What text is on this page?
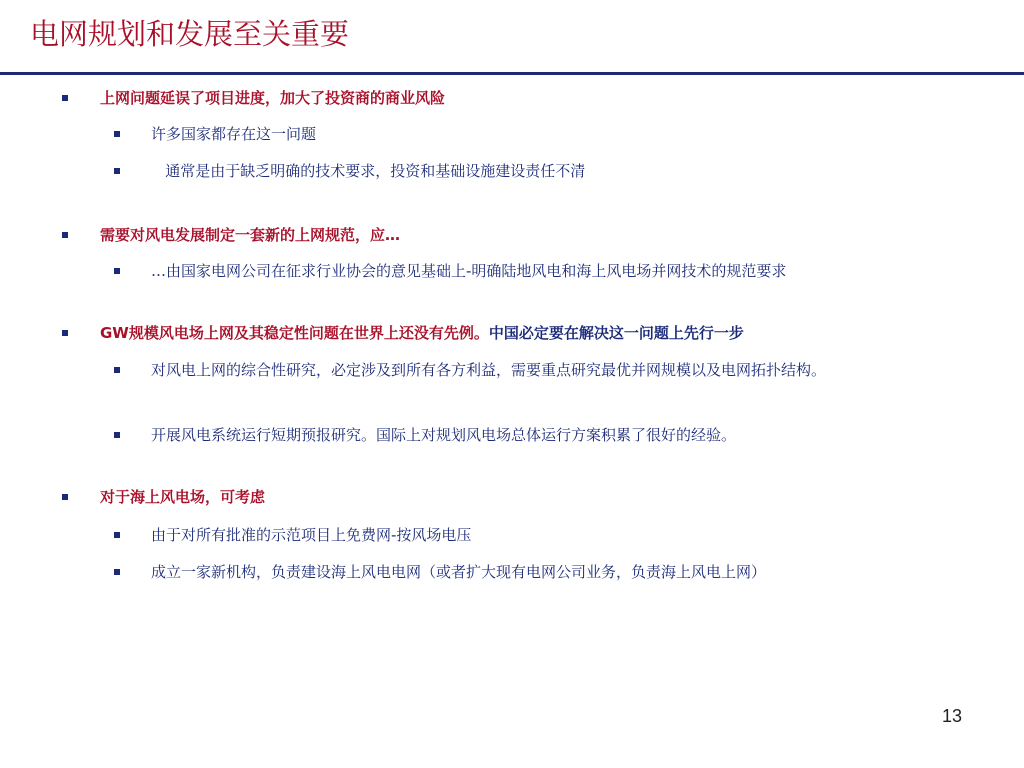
电网规划和发展至关重要
上网问题延误了项目进度，加大了投资商的商业风险
许多国家都存在这一问题
通常是由于缺乏明确的技术要求，投资和基础设施建设责任不清
需要对风电发展制定一套新的上网规范，应…
…由国家电网公司在征求行业协会的意见基础上-明确陆地风电和海上风电场并网技术的规范要求
GW规模风电场上网及其稳定性问题在世界上还没有先例。中国必定要在解决这一问题上先行一步
对风电上网的综合性研究，必定涉及到所有各方利益，需要重点研究最优并网规模以及电网拓扑结构。
开展风电系统运行短期预报研究。国际上对规划风电场总体运行方案积累了很好的经验。
对于海上风电场，可考虑
由于对所有批准的示范项目上免费网-按风场电压
成立一家新机构，负责建设海上风电电网（或者扩大现有电网公司业务，负责海上风电上网）
13
